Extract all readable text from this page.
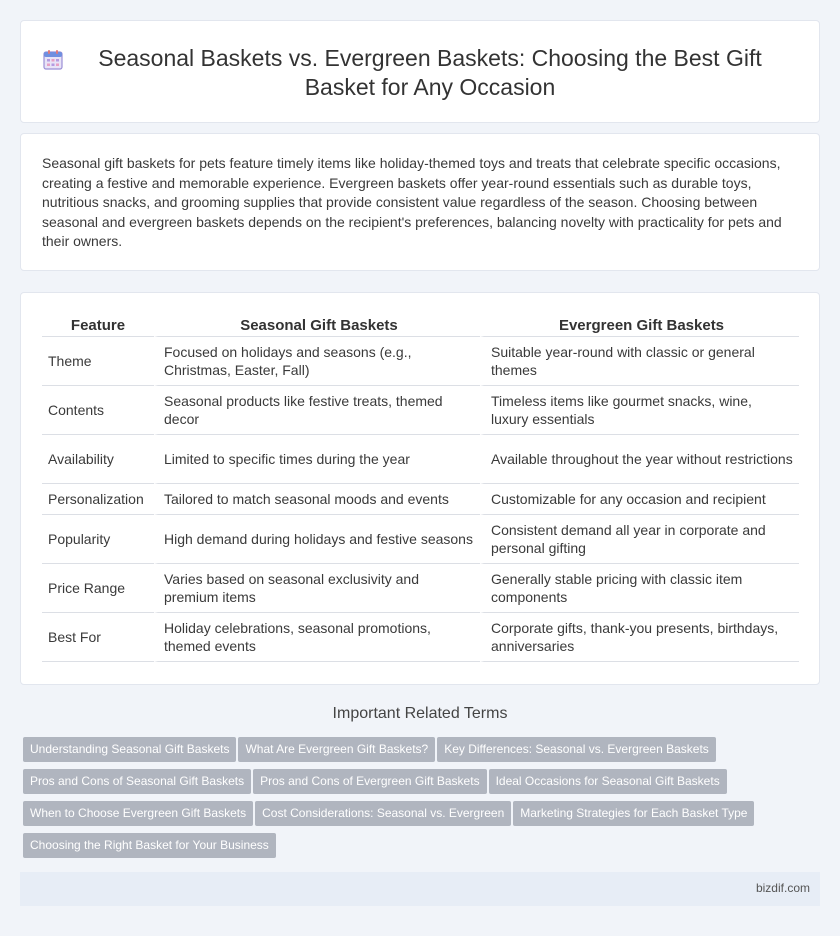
Seasonal Baskets vs. Evergreen Baskets: Choosing the Best Gift Basket for Any Occasion

Seasonal gift baskets for pets feature timely items like holiday-themed toys and treats that celebrate specific occasions, creating a festive and memorable experience. Evergreen baskets offer year-round essentials such as durable toys, nutritious snacks, and grooming supplies that provide consistent value regardless of the season. Choosing between seasonal and evergreen baskets depends on the recipient's preferences, balancing novelty with practicality for pets and their owners.

Feature	Seasonal Gift Baskets	Evergreen Gift Baskets
Theme	Focused on holidays and seasons (e.g., Christmas, Easter, Fall)	Suitable year-round with classic or general themes
Contents	Seasonal products like festive treats, themed decor	Timeless items like gourmet snacks, wine, luxury essentials
Availability	Limited to specific times during the year	Available throughout the year without restrictions
Personalization	Tailored to match seasonal moods and events	Customizable for any occasion and recipient
Popularity	High demand during holidays and festive seasons	Consistent demand all year in corporate and personal gifting
Price Range	Varies based on seasonal exclusivity and premium items	Generally stable pricing with classic item components
Best For	Holiday celebrations, seasonal promotions, themed events	Corporate gifts, thank-you presents, birthdays, anniversaries
Important Related Terms
Understanding Seasonal Gift Baskets What Are Evergreen Gift Baskets? Key Differences: Seasonal vs. Evergreen Baskets
Pros and Cons of Seasonal Gift Baskets Pros and Cons of Evergreen Gift Baskets Ideal Occasions for Seasonal Gift Baskets
When to Choose Evergreen Gift Baskets Cost Considerations: Seasonal vs. Evergreen Marketing Strategies for Each Basket Type
Choosing the Right Basket for Your Business
bizdif.com
